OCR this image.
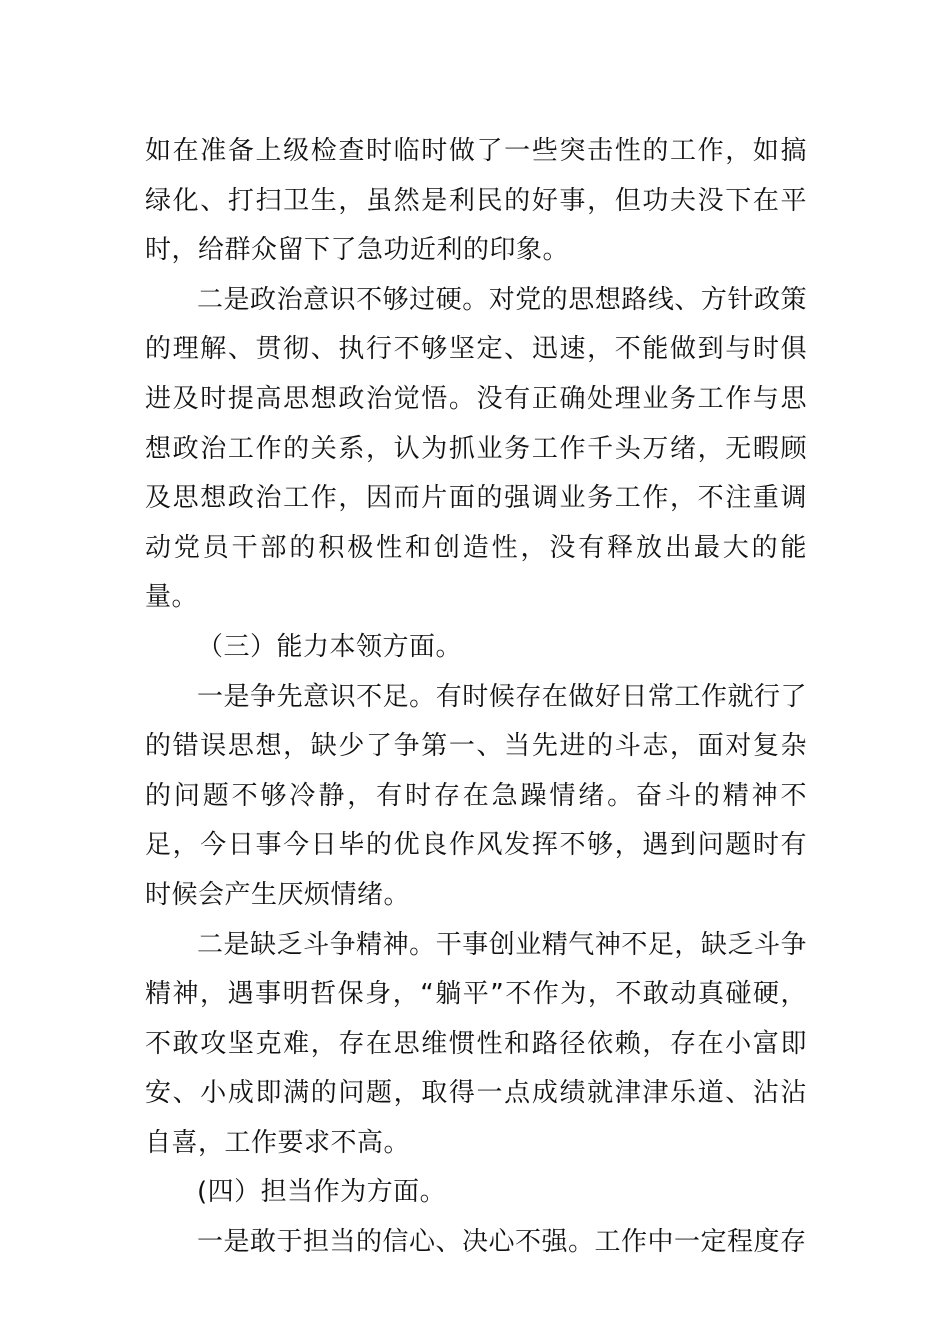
如在准备上级检查时临时做了一些突击性的工作，如搞绿化、打扫卫生，虽然是利民的好事，但功夫没下在平时，给群众留下了急功近利的印象。

二是政治意识不够过硬。对党的思想路线、方针政策的理解、贯彻、执行不够坚定、迅速，不能做到与时俱进及时提高思想政治觉悟。没有正确处理业务工作与思想政治工作的关系，认为抓业务工作千头万绪，无暇顾及思想政治工作，因而片面的强调业务工作，不注重调动党员干部的积极性和创造性，没有释放出最大的能量。

（三）能力本领方面。

一是争先意识不足。有时候存在做好日常工作就行了的错误思想，缺少了争第一、当先进的斗志，面对复杂的问题不够冷静，有时存在急躁情绪。奋斗的精神不足，今日事今日毕的优良作风发挥不够，遇到问题时有时候会产生厌烦情绪。

二是缺乏斗争精神。干事创业精气神不足，缺乏斗争精神，遇事明哲保身，“躺平”不作为，不敢动真碰硬，不敢攻坚克难，存在思维惯性和路径依赖，存在小富即安、小成即满的问题，取得一点成绩就津津乐道、沾沾自喜，工作要求不高。

(四）担当作为方面。

一是敢于担当的信心、决心不强。工作中一定程度存
